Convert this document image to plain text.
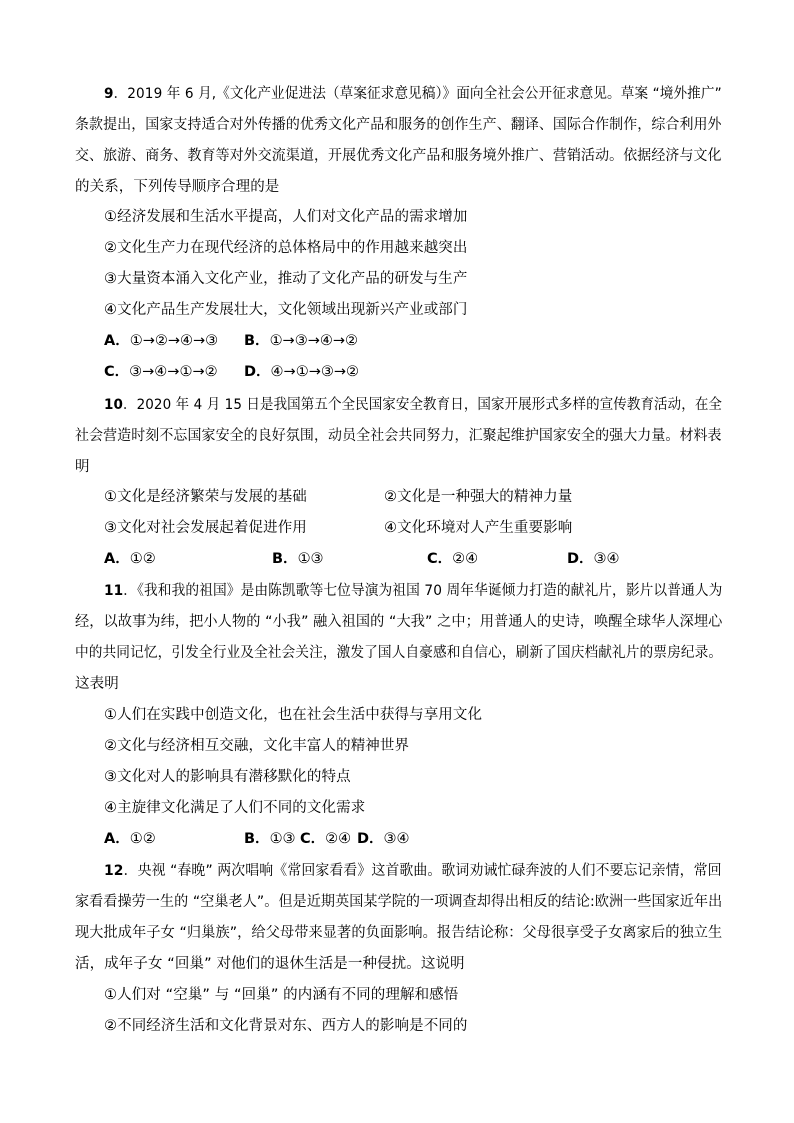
9．2019 年 6 月,《文化产业促进法（草案征求意见稿）》面向全社会公开征求意见。草案 “境外推广”
条款提出，国家支持适合对外传播的优秀文化产品和服务的创作生产、翻译、国际合作制作，综合利用外
交、旅游、商务、教育等对外交流渠道，开展优秀文化产品和服务境外推广、营销活动。依据经济与文化
的关系，下列传导顺序合理的是
①经济发展和生活水平提高，人们对文化产品的需求增加
②文化生产力在现代经济的总体格局中的作用越来越突出
③大量资本涌入文化产业，推动了文化产品的研发与生产
④文化产品生产发展壮大，文化领域出现新兴产业或部门
A．①→②→④→③ B．①→③→④→②
C．③→④→①→② D．④→①→③→②
10．2020 年 4 月 15 日是我国第五个全民国家安全教育日，国家开展形式多样的宣传教育活动，在全
社会营造时刻不忘国家安全的良好氛围，动员全社会共同努力，汇聚起维护国家安全的强大力量。材料表
明
①文化是经济繁荣与发展的基础	②文化是一种强大的精神力量
③文化对社会发展起着促进作用	④文化环境对人产生重要影响
A．①②	B．①③	C．②④	D．③④
11．《我和我的祖国》是由陈凯歌等七位导演为祖国 70 周年华诞倾力打造的献礼片，影片以普通人为
经，以故事为纬，把小人物的 “小我” 融入祖国的 “大我” 之中；用普通人的史诗，唤醒全球华人深埋心
中的共同记忆，引发全行业及全社会关注，激发了国人自豪感和自信心，刷新了国庆档献礼片的票房纪录。
这表明
①人们在实践中创造文化，也在社会生活中获得与享用文化
②文化与经济相互交融，文化丰富人的精神世界
③文化对人的影响具有潜移默化的特点
④主旋律文化满足了人们不同的文化需求
A．①②	B．①③ C．②④ D．③④
12．央视 “春晚” 两次唱响《常回家看看》这首歌曲。歌词劝诫忙碌奔波的人们不要忘记亲情，常回
家看看操劳一生的 “空巢老人”。但是近期英国某学院的一项调查却得出相反的结论:欧洲一些国家近年出
现大批成年子女 “归巢族”，给父母带来显著的负面影响。报告结论称：父母很享受子女离家后的独立生
活，成年子女 “回巢” 对他们的退休生活是一种侵扰。这说明
①人们对 “空巢” 与 “回巢” 的内涵有不同的理解和感悟
②不同经济生活和文化背景对东、西方人的影响是不同的
